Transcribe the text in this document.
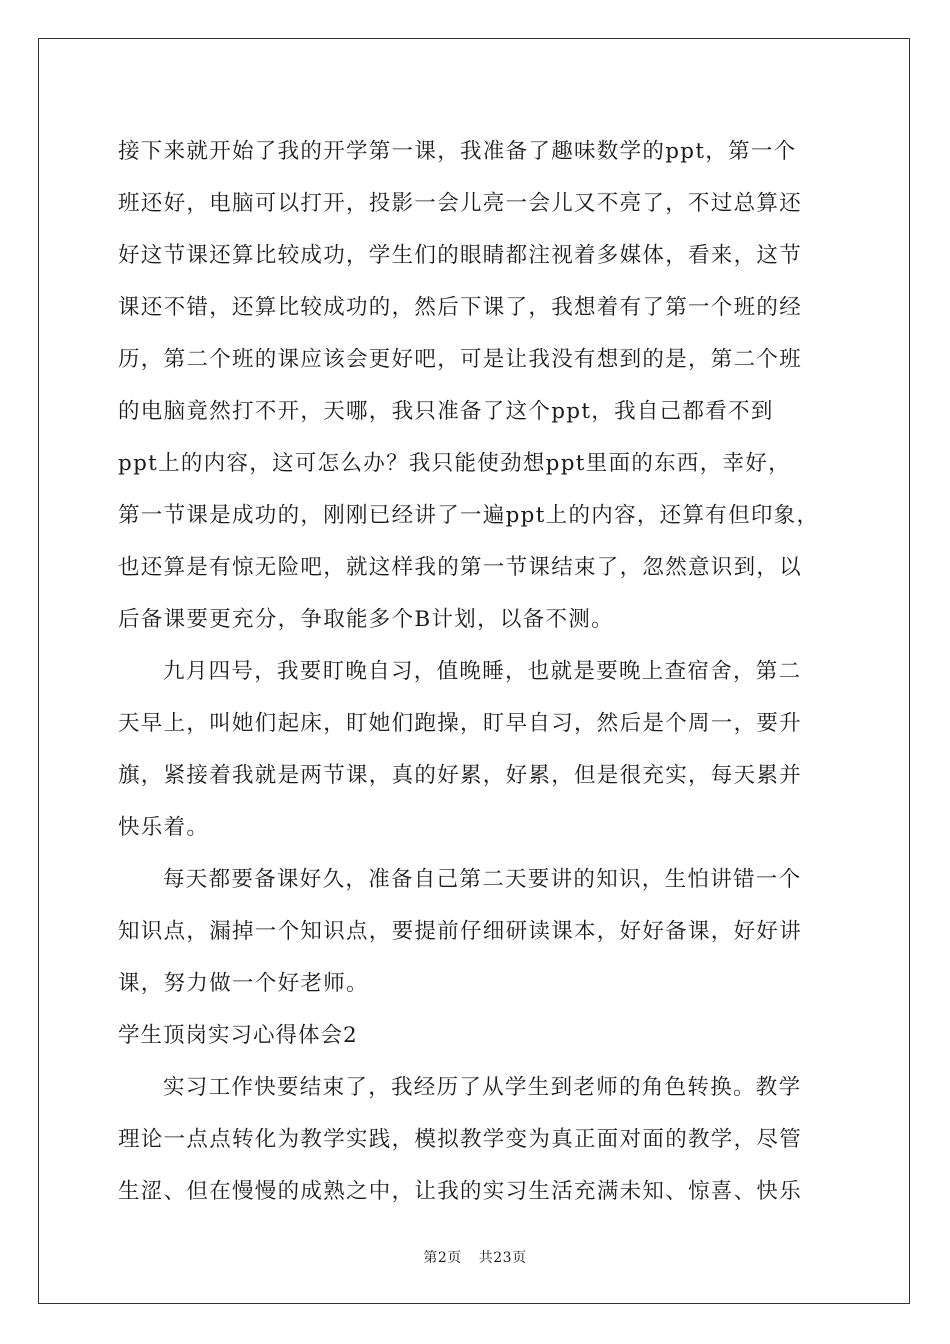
接下来就开始了我的开学第一课，我准备了趣味数学的ppt，第一个
班还好，电脑可以打开，投影一会儿亮一会儿又不亮了，不过总算还
好这节课还算比较成功，学生们的眼睛都注视着多媒体，看来，这节
课还不错，还算比较成功的，然后下课了，我想着有了第一个班的经
历，第二个班的课应该会更好吧，可是让我没有想到的是，第二个班
的电脑竟然打不开，天哪，我只准备了这个ppt，我自己都看不到
ppt上的内容，这可怎么办？我只能使劲想ppt里面的东西，幸好，
第一节课是成功的，刚刚已经讲了一遍ppt上的内容，还算有但印象，
也还算是有惊无险吧，就这样我的第一节课结束了，忽然意识到，以
后备课要更充分，争取能多个B计划，以备不测。

九月四号，我要盯晚自习，值晚睡，也就是要晚上查宿舍，第二
天早上，叫她们起床，盯她们跑操，盯早自习，然后是个周一，要升
旗，紧接着我就是两节课，真的好累，好累，但是很充实，每天累并
快乐着。

每天都要备课好久，准备自己第二天要讲的知识，生怕讲错一个
知识点，漏掉一个知识点，要提前仔细研读课本，好好备课，好好讲
课，努力做一个好老师。

学生顶岗实习心得体会2

实习工作快要结束了，我经历了从学生到老师的角色转换。教学
理论一点点转化为教学实践，模拟教学变为真正面对面的教学，尽管
生涩、但在慢慢的成熟之中，让我的实习生活充满未知、惊喜、快乐

第2页 共23页
